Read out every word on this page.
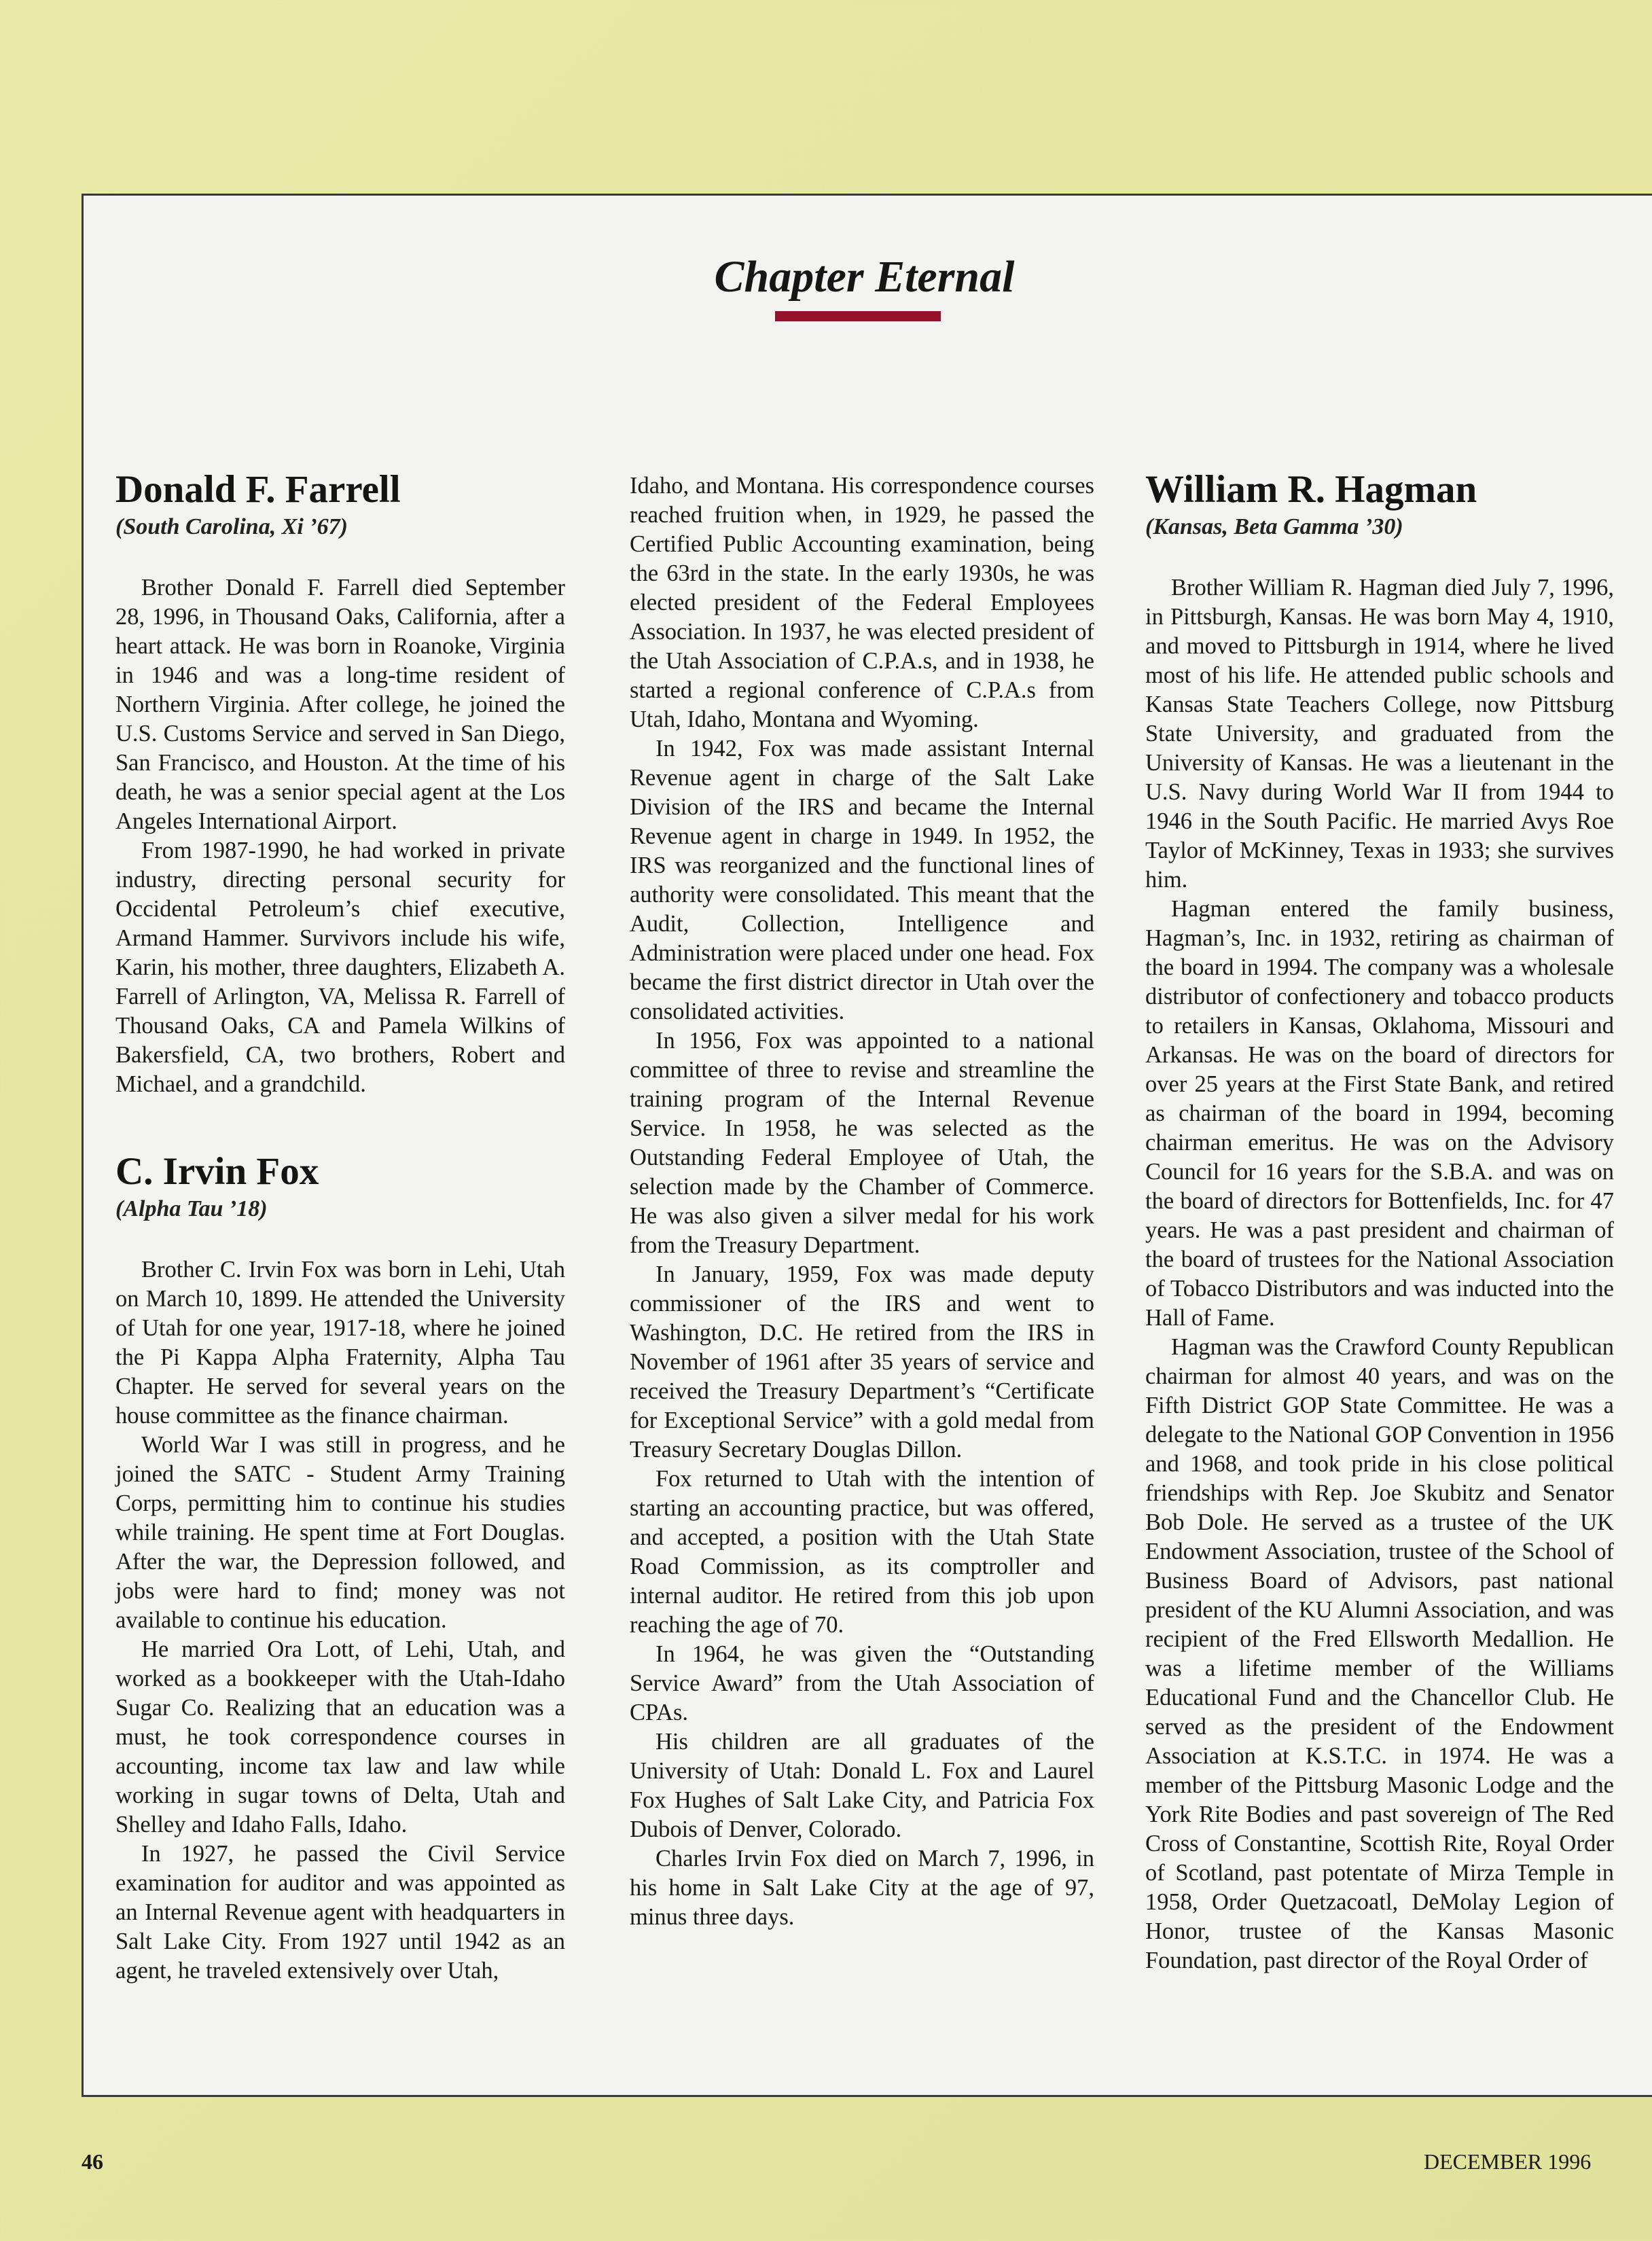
Chapter Eternal
Donald F. Farrell
(South Carolina, Xi ’67)

Brother Donald F. Farrell died September 28, 1996, in Thousand Oaks, California, after a heart attack. He was born in Roanoke, Virginia in 1946 and was a long-time resident of Northern Virginia. After college, he joined the U.S. Customs Service and served in San Diego, San Francisco, and Houston. At the time of his death, he was a senior special agent at the Los Angeles International Airport.

From 1987-1990, he had worked in private industry, directing personal security for Occidental Petroleum’s chief executive, Armand Hammer. Survivors include his wife, Karin, his mother, three daughters, Elizabeth A. Farrell of Arlington, VA, Melissa R. Farrell of Thousand Oaks, CA and Pamela Wilkins of Bakersfield, CA, two brothers, Robert and Michael, and a grandchild.

C. Irvin Fox
(Alpha Tau ’18)

Brother C. Irvin Fox was born in Lehi, Utah on March 10, 1899. He attended the University of Utah for one year, 1917-18, where he joined the Pi Kappa Alpha Fraternity, Alpha Tau Chapter. He served for several years on the house committee as the finance chairman.

World War I was still in progress, and he joined the SATC - Student Army Training Corps, permitting him to continue his studies while training. He spent time at Fort Douglas. After the war, the Depression followed, and jobs were hard to find; money was not available to continue his education.

He married Ora Lott, of Lehi, Utah, and worked as a bookkeeper with the Utah-Idaho Sugar Co. Realizing that an education was a must, he took correspondence courses in accounting, income tax law and law while working in sugar towns of Delta, Utah and Shelley and Idaho Falls, Idaho.

In 1927, he passed the Civil Service examination for auditor and was appointed as an Internal Revenue agent with headquarters in Salt Lake City. From 1927 until 1942 as an agent, he traveled extensively over Utah,

Idaho, and Montana. His correspondence courses reached fruition when, in 1929, he passed the Certified Public Accounting examination, being the 63rd in the state. In the early 1930s, he was elected president of the Federal Employees Association. In 1937, he was elected president of the Utah Association of C.P.A.s, and in 1938, he started a regional conference of C.P.A.s from Utah, Idaho, Montana and Wyoming.

In 1942, Fox was made assistant Internal Revenue agent in charge of the Salt Lake Division of the IRS and became the Internal Revenue agent in charge in 1949. In 1952, the IRS was reorganized and the functional lines of authority were consolidated. This meant that the Audit, Collection, Intelligence and Administration were placed under one head. Fox became the first district director in Utah over the consolidated activities.

In 1956, Fox was appointed to a national committee of three to revise and streamline the training program of the Internal Revenue Service. In 1958, he was selected as the Outstanding Federal Employee of Utah, the selection made by the Chamber of Commerce. He was also given a silver medal for his work from the Treasury Department.

In January, 1959, Fox was made deputy commissioner of the IRS and went to Washington, D.C. He retired from the IRS in November of 1961 after 35 years of service and received the Treasury Department’s “Certificate for Exceptional Service” with a gold medal from Treasury Secretary Douglas Dillon.

Fox returned to Utah with the intention of starting an accounting practice, but was offered, and accepted, a position with the Utah State Road Commission, as its comptroller and internal auditor. He retired from this job upon reaching the age of 70.

In 1964, he was given the “Outstanding Service Award” from the Utah Association of CPAs.

His children are all graduates of the University of Utah: Donald L. Fox and Laurel Fox Hughes of Salt Lake City, and Patricia Fox Dubois of Denver, Colorado.

Charles Irvin Fox died on March 7, 1996, in his home in Salt Lake City at the age of 97, minus three days.

William R. Hagman
(Kansas, Beta Gamma ’30)

Brother William R. Hagman died July 7, 1996, in Pittsburgh, Kansas. He was born May 4, 1910, and moved to Pittsburgh in 1914, where he lived most of his life. He attended public schools and Kansas State Teachers College, now Pittsburg State University, and graduated from the University of Kansas. He was a lieutenant in the U.S. Navy during World War II from 1944 to 1946 in the South Pacific. He married Avys Roe Taylor of McKinney, Texas in 1933; she survives him.

Hagman entered the family business, Hagman’s, Inc. in 1932, retiring as chairman of the board in 1994. The company was a wholesale distributor of confectionery and tobacco products to retailers in Kansas, Oklahoma, Missouri and Arkansas. He was on the board of directors for over 25 years at the First State Bank, and retired as chairman of the board in 1994, becoming chairman emeritus. He was on the Advisory Council for 16 years for the S.B.A. and was on the board of directors for Bottenfields, Inc. for 47 years. He was a past president and chairman of the board of trustees for the National Association of Tobacco Distributors and was inducted into the Hall of Fame.

Hagman was the Crawford County Republican chairman for almost 40 years, and was on the Fifth District GOP State Committee. He was a delegate to the National GOP Convention in 1956 and 1968, and took pride in his close political friendships with Rep. Joe Skubitz and Senator Bob Dole. He served as a trustee of the UK Endowment Association, trustee of the School of Business Board of Advisors, past national president of the KU Alumni Association, and was recipient of the Fred Ellsworth Medallion. He was a lifetime member of the Williams Educational Fund and the Chancellor Club. He served as the president of the Endowment Association at K.S.T.C. in 1974. He was a member of the Pittsburg Masonic Lodge and the York Rite Bodies and past sovereign of The Red Cross of Constantine, Scottish Rite, Royal Order of Scotland, past potentate of Mirza Temple in 1958, Order Quetzacoatl, DeMolay Legion of Honor, trustee of the Kansas Masonic Foundation, past director of the Royal Order of

46	DECEMBER 1996
